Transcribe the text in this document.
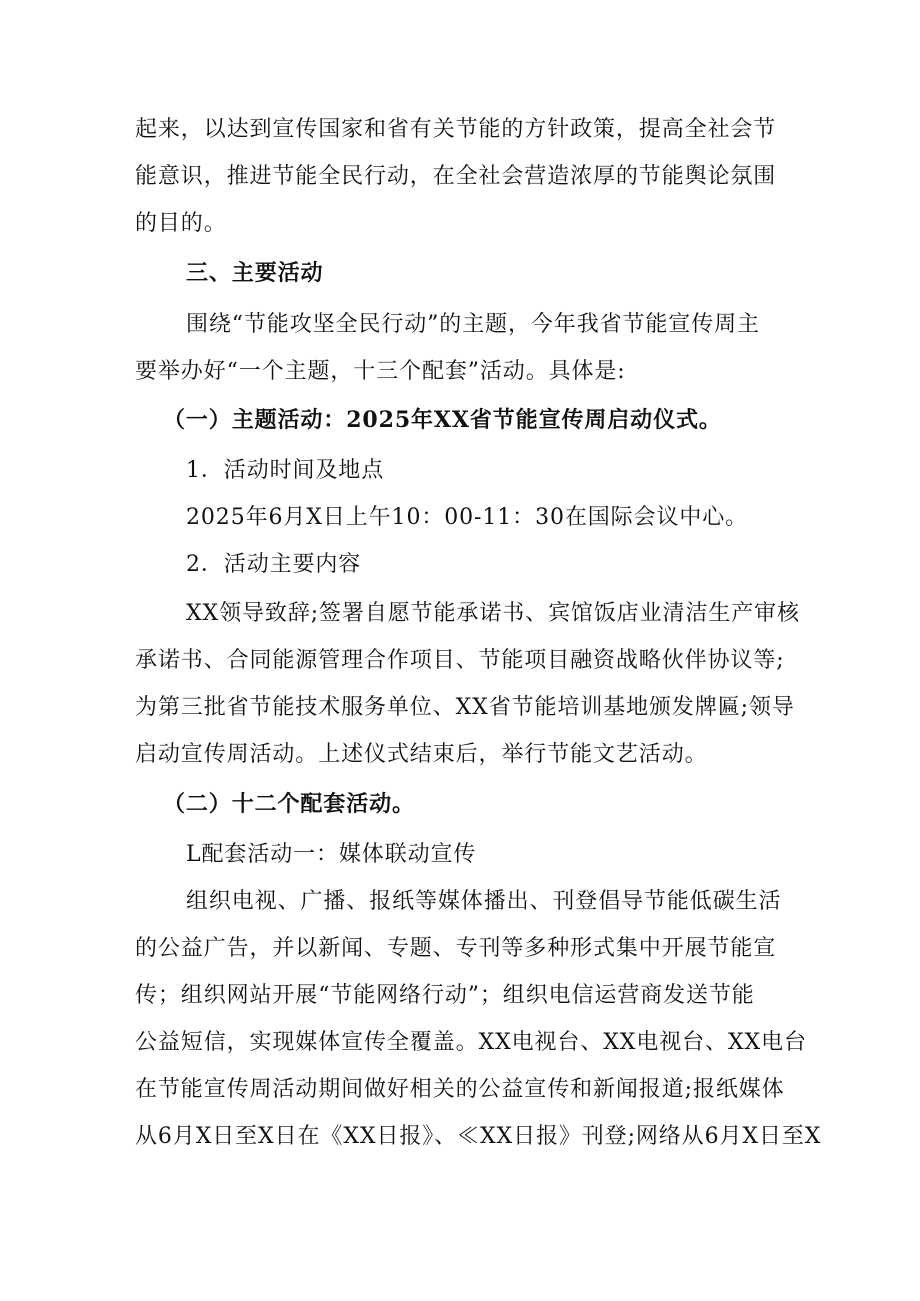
起来，以达到宣传国家和省有关节能的方针政策，提高全社会节
能意识，推进节能全民行动，在全社会营造浓厚的节能舆论氛围
的目的。
三、主要活动
围绕“节能攻坚全民行动”的主题，今年我省节能宣传周主
要举办好“一个主题，十三个配套”活动。具体是:
（一）主题活动：2025年XX省节能宣传周启动仪式。
1．活动时间及地点
2025年6月X日上午10：00-11：30在国际会议中心。
2．活动主要内容
XX领导致辞;签署自愿节能承诺书、宾馆饭店业清洁生产审核
承诺书、合同能源管理合作项目、节能项目融资战略伙伴协议等;
为第三批省节能技术服务单位、XX省节能培训基地颁发牌匾;领导
启动宣传周活动。上述仪式结束后，举行节能文艺活动。
（二）十二个配套活动。
L配套活动一：媒体联动宣传
组织电视、广播、报纸等媒体播出、刊登倡导节能低碳生活
的公益广告，并以新闻、专题、专刊等多种形式集中开展节能宣
传；组织网站开展“节能网络行动”；组织电信运营商发送节能
公益短信，实现媒体宣传全覆盖。XX电视台、XX电视台、XX电台
在节能宣传周活动期间做好相关的公益宣传和新闻报道;报纸媒体
从6月X日至X日在《XX日报》、≪XX日报》刊登;网络从6月X日至X
